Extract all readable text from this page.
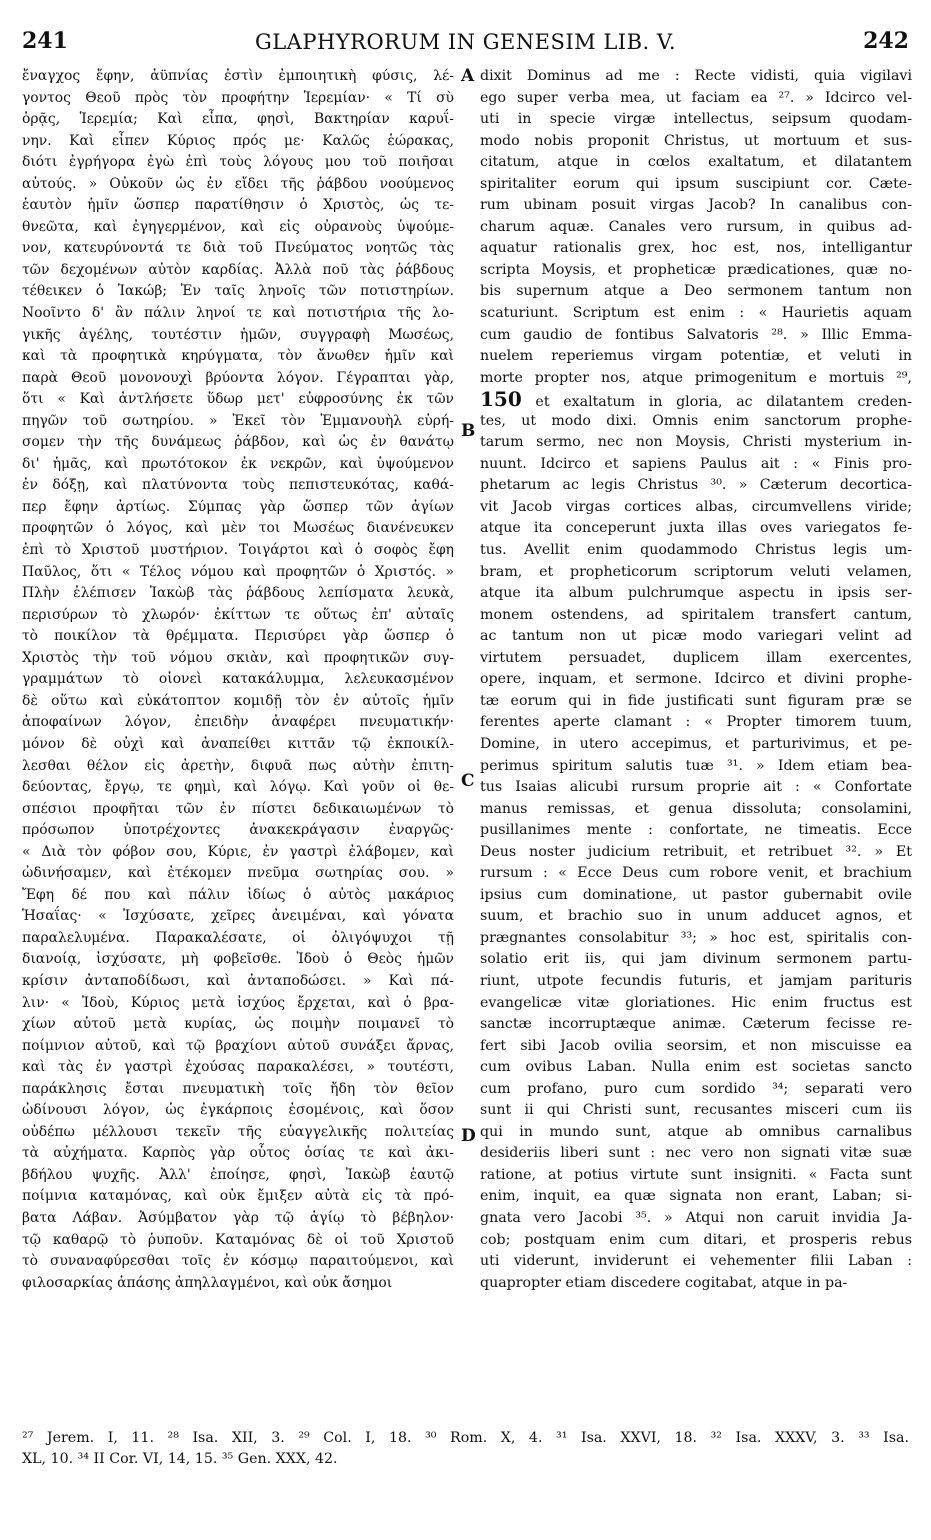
241	GLAPHYRORUM IN GENESIM LIB. V.	242
ἔναγχος ἔφην, ἀϋπνίας ἐστὶν ἐμποιητικὴ φύσις, λέ-
γοντος Θεοῦ πρὸς τὸν προφήτην Ἱερεμίαν· « Τί σὺ
ὁρᾷς, Ἱερεμία; Καὶ εἶπα, φησὶ, Βακτηρίαν καρυΐ-
νην. Καὶ εἶπεν Κύριος πρός με· Καλῶς ἑώρακας,
διότι ἐγρήγορα ἐγὼ ἐπὶ τοὺς λόγους μου τοῦ ποιῆσαι
αὐτούς. » Οὐκοῦν ὡς ἐν εἴδει τῆς ῥάβδου νοούμενος
ἑαυτὸν ἡμῖν ὥσπερ παρατίθησιν ὁ Χριστὸς, ὡς τε-
θνεῶτα, καὶ ἐγηγερμένον, καὶ εἰς οὐρανοὺς ὑψούμε-
νον, κατευρύνοντά τε διὰ τοῦ Πνεύματος νοητῶς τὰς
τῶν δεχομένων αὐτὸν καρδίας. Ἀλλὰ ποῦ τὰς ῥάβδους
τέθεικεν ὁ Ἰακώβ; Ἐν ταῖς ληνοῖς τῶν ποτιστηρίων.
Νοοῖντο δ' ἂν πάλιν ληνοί τε καὶ ποτιστήρια τῆς λο-
γικῆς ἀγέλης, τουτέστιν ἡμῶν, συγγραφὴ Μωσέως,
καὶ τὰ προφητικὰ κηρύγματα, τὸν ἄνωθεν ἡμῖν καὶ
παρὰ Θεοῦ μονονουχὶ βρύοντα λόγον. Γέγραπται γὰρ,
ὅτι « Καὶ ἀντλήσετε ὕδωρ μετ' εὐφροσύνης ἐκ τῶν
πηγῶν τοῦ σωτηρίου. » Ἐκεῖ τὸν Ἐμμανουὴλ εὑρή-
σομεν τὴν τῆς δυνάμεως ῥάβδον, καὶ ὡς ἐν θανάτῳ
δι' ἡμᾶς, καὶ πρωτότοκον ἐκ νεκρῶν, καὶ ὑψούμενον
ἐν δόξῃ, καὶ πλατύνοντα τοὺς πεπιστευκότας, καθά-
περ ἔφην ἀρτίως. Σύμπας γὰρ ὥσπερ τῶν ἁγίων
προφητῶν ὁ λόγος, καὶ μὲν τοι Μωσέως διανένευκεν
ἐπὶ τὸ Χριστοῦ μυστήριον. Τοιγάρτοι καὶ ὁ σοφὸς ἔφη
Παῦλος, ὅτι « Τέλος νόμου καὶ προφητῶν ὁ Χριστός. »
Πλὴν ἐλέπισεν Ἰακὼβ τὰς ῥάβδους λεπίσματα λευκὰ,
περισύρων τὸ χλωρόν· ἐκίττων τε οὕτως ἐπ' αὐταῖς
τὸ ποικίλον τὰ θρέμματα. Περισύρει γὰρ ὥσπερ ὁ
Χριστὸς τὴν τοῦ νόμου σκιὰν, καὶ προφητικῶν συγ-
γραμμάτων τὸ οἱονεὶ κατακάλυμμα, λελευκασμένον
δὲ οὕτω καὶ εὐκάτοπτον κομιδῇ τὸν ἐν αὐτοῖς ἡμῖν
ἀποφαίνων λόγον, ἐπειδὴν ἀναφέρει πνευματικήν·
μόνον δὲ οὐχὶ καὶ ἀναπείθει κιττᾶν τῷ ἐκποικίλ-
λεσθαι θέλον εἰς ἀρετὴν, διφυᾶ πως αὐτὴν ἐπιτη-
δεύοντας, ἔργῳ, τε φημὶ, καὶ λόγῳ. Καὶ γοῦν οἱ θε-
σπέσιοι προφῆται τῶν ἐν πίστει δεδικαιωμένων τὸ
πρόσωπον ὑποτρέχοντες ἀνακεκράγασιν ἐναργῶς·
« Διὰ τὸν φόβον σου, Κύριε, ἐν γαστρὶ ἐλάβομεν, καὶ
ὠδινήσαμεν, καὶ ἐτέκομεν πνεῦμα σωτηρίας σου. »
Ἔφη δέ που καὶ πάλιν ἰδίως ὁ αὐτὸς μακάριος
Ἡσαΐας· « Ἰσχύσατε, χεῖρες ἀνειμέναι, καὶ γόνατα
παραλελυμένα. Παρακαλέσατε, οἱ ὀλιγόψυχοι τῇ
διανοίᾳ, ἰσχύσατε, μὴ φοβεῖσθε. Ἰδοὺ ὁ Θεὸς ἡμῶν
κρίσιν ἀνταποδίδωσι, καὶ ἀνταποδώσει. » Καὶ πά-
λιν· « Ἰδοὺ, Κύριος μετὰ ἰσχύος ἔρχεται, καὶ ὁ βρα-
χίων αὐτοῦ μετὰ κυρίας, ὡς ποιμὴν ποιμανεῖ τὸ
ποίμνιον αὐτοῦ, καὶ τῷ βραχίονι αὐτοῦ συνάξει ἄρνας,
καὶ τὰς ἐν γαστρὶ ἐχούσας παρακαλέσει, » τουτέστι,
παράκλησις ἔσται πνευματικὴ τοῖς ἤδη τὸν θεῖον
ὠδίνουσι λόγον, ὡς ἐγκάρποις ἐσομένοις, καὶ ὅσον
οὐδέπω μέλλουσι τεκεῖν τῆς εὐαγγελικῆς πολιτείας
τὰ αὐχήματα. Καρπὸς γὰρ οὗτος ὁσίας τε καὶ ἀκι-
βδήλου ψυχῆς. Ἀλλ' ἐποίησε, φησὶ, Ἰακὼβ ἑαυτῷ
ποίμνια καταμόνας, καὶ οὐκ ἔμιξεν αὐτὰ εἰς τὰ πρό-
βατα Λάβαν. Ἀσύμβατον γὰρ τῷ ἁγίῳ τὸ βέβηλον·
τῷ καθαρῷ τὸ ῥυποῦν. Καταμόνας δὲ οἱ τοῦ Χριστοῦ
τὸ συναναφύρεσθαι τοῖς ἐν κόσμῳ παραιτούμενοι, καὶ
φιλοσαρκίας ἁπάσης ἀπηλλαγμένοι, καὶ οὐκ ἄσημοι
A
B
C
D
dixit Dominus ad me : Recte vidisti, quia vigilavi
ego super verba mea, ut faciam ea ²⁷. » Idcirco vel-
uti in specie virgæ intellectus, seipsum quodam-
modo nobis proponit Christus, ut mortuum et sus-
citatum, atque in cœlos exaltatum, et dilatantem
spiritaliter eorum qui ipsum suscipiunt cor. Cæte-
rum ubinam posuit virgas Jacob? In canalibus con-
charum aquæ. Canales vero rursum, in quibus ad-
aquatur rationalis grex, hoc est, nos, intelligantur
scripta Moysis, et propheticæ prædicationes, quæ no-
bis supernum atque a Deo sermonem tantum non
scaturiunt. Scriptum est enim : « Haurietis aquam
cum gaudio de fontibus Salvatoris ²⁸. » Illic Emma-
nuelem reperiemus virgam potentiæ, et veluti in
morte propter nos, atque primogenitum e mortuis ²⁹,
150 et exaltatum in gloria, ac dilatantem creden-
tes, ut modo dixi. Omnis enim sanctorum prophe-
tarum sermo, nec non Moysis, Christi mysterium in-
nuunt. Idcirco et sapiens Paulus ait : « Finis pro-
phetarum ac legis Christus ³⁰. » Cæterum decortica-
vit Jacob virgas cortices albas, circumvellens viride;
atque ita conceperunt juxta illas oves variegatos fe-
tus. Avellit enim quodammodo Christus legis um-
bram, et propheticorum scriptorum veluti velamen,
atque ita album pulchrumque aspectu in ipsis ser-
monem ostendens, ad spiritalem transfert cantum,
ac tantum non ut picæ modo variegari velint ad
virtutem persuadet, duplicem illam exercentes,
opere, inquam, et sermone. Idcirco et divini prophe-
tæ eorum qui in fide justificati sunt figuram præ se
ferentes aperte clamant : « Propter timorem tuum,
Domine, in utero accepimus, et parturivimus, et pe-
perimus spiritum salutis tuæ ³¹. » Idem etiam bea-
tus Isaias alicubi rursum proprie ait : « Confortate
manus remissas, et genua dissoluta; consolamini,
pusillanimes mente : confortate, ne timeatis. Ecce
Deus noster judicium retribuit, et retribuet ³². » Et
rursum : « Ecce Deus cum robore venit, et brachium
ipsius cum dominatione, ut pastor gubernabit ovile
suum, et brachio suo in unum adducet agnos, et
prægnantes consolabitur ³³; » hoc est, spiritalis con-
solatio erit iis, qui jam divinum sermonem partu-
riunt, utpote fecundis futuris, et jamjam parituris
evangelicæ vitæ gloriationes. Hic enim fructus est
sanctæ incorruptæque animæ. Cæterum fecisse re-
fert sibi Jacob ovilia seorsim, et non miscuisse ea
cum ovibus Laban. Nulla enim est societas sancto
cum profano, puro cum sordido ³⁴; separati vero
sunt ii qui Christi sunt, recusantes misceri cum iis
qui in mundo sunt, atque ab omnibus carnalibus
desideriis liberi sunt : nec vero non signati vitæ suæ
ratione, at potius virtute sunt insigniti. « Facta sunt
enim, inquit, ea quæ signata non erant, Laban; si-
gnata vero Jacobi ³⁵. » Atqui non caruit invidia Ja-
cob; postquam enim cum ditari, et prosperis rebus
uti viderunt, inviderunt ei vehementer filii Laban :
quapropter etiam discedere cogitabat, atque in pa-
²⁷ Jerem. I, 11. ²⁸ Isa. XII, 3. ²⁹ Col. I, 18. ³⁰ Rom. X, 4. ³¹ Isa. XXVI, 18. ³² Isa. XXXV, 3. ³³ Isa.
XL, 10. ³⁴ II Cor. VI, 14, 15. ³⁵ Gen. XXX, 42.
